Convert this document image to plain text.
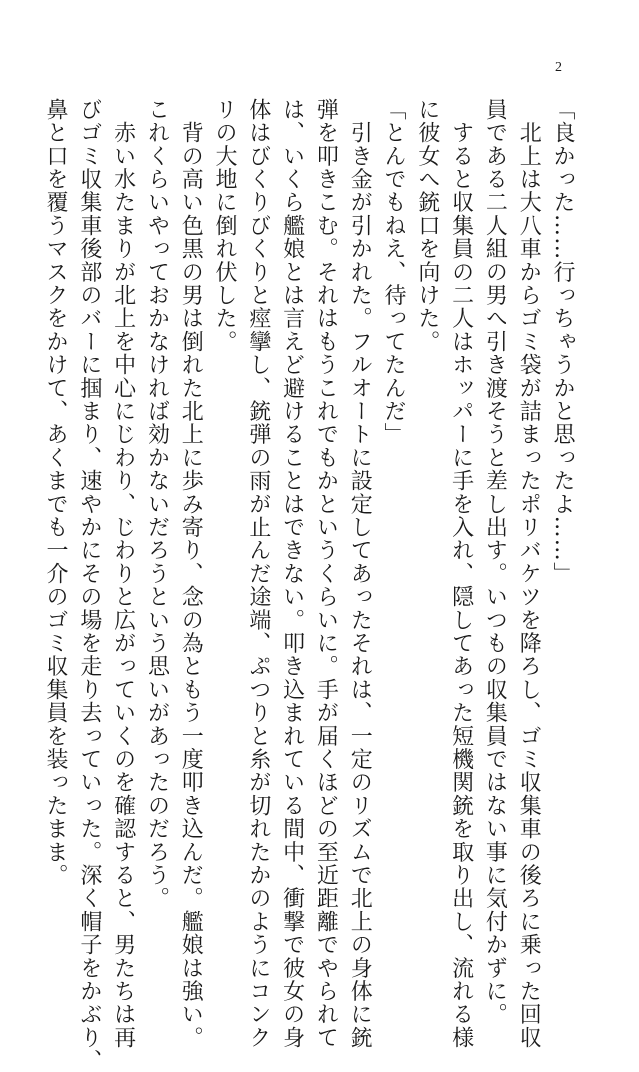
2

「良かった……行っちゃうかと思ったよ……」

　北上は大八車からゴミ袋が詰まったポリバケツを降ろし、ゴミ収集車の後ろに乗った回収

員である二人組の男へ引き渡そうと差し出す。いつもの収集員ではない事に気付かずに。

　すると収集員の二人はホッパーに手を入れ、隠してあった短機関銃を取り出し、流れる様

に彼女へ銃口を向けた。

「とんでもねえ、待ってたんだ」

　引き金が引かれた。フルオートに設定してあったそれは、一定のリズムで北上の身体に銃

弾を叩きこむ。それはもうこれでもかというくらいに。手が届くほどの至近距離でやられて

は、いくら艦娘とは言えど避けることはできない。叩き込まれている間中、衝撃で彼女の身

体はびくりびくりと痙攣し、銃弾の雨が止んだ途端、ぷつりと糸が切れたかのようにコンク

リの大地に倒れ伏した。

　背の高い色黒の男は倒れた北上に歩み寄り、念の為ともう一度叩き込んだ。艦娘は強い。

これくらいやっておかなければ効かないだろうという思いがあったのだろう。

　赤い水たまりが北上を中心にじわり、じわりと広がっていくのを確認すると、男たちは再

びゴミ収集車後部のバーに掴まり、速やかにその場を走り去っていった。深く帽子をかぶり、

鼻と口を覆うマスクをかけて、あくまでも一介のゴミ収集員を装ったまま。
